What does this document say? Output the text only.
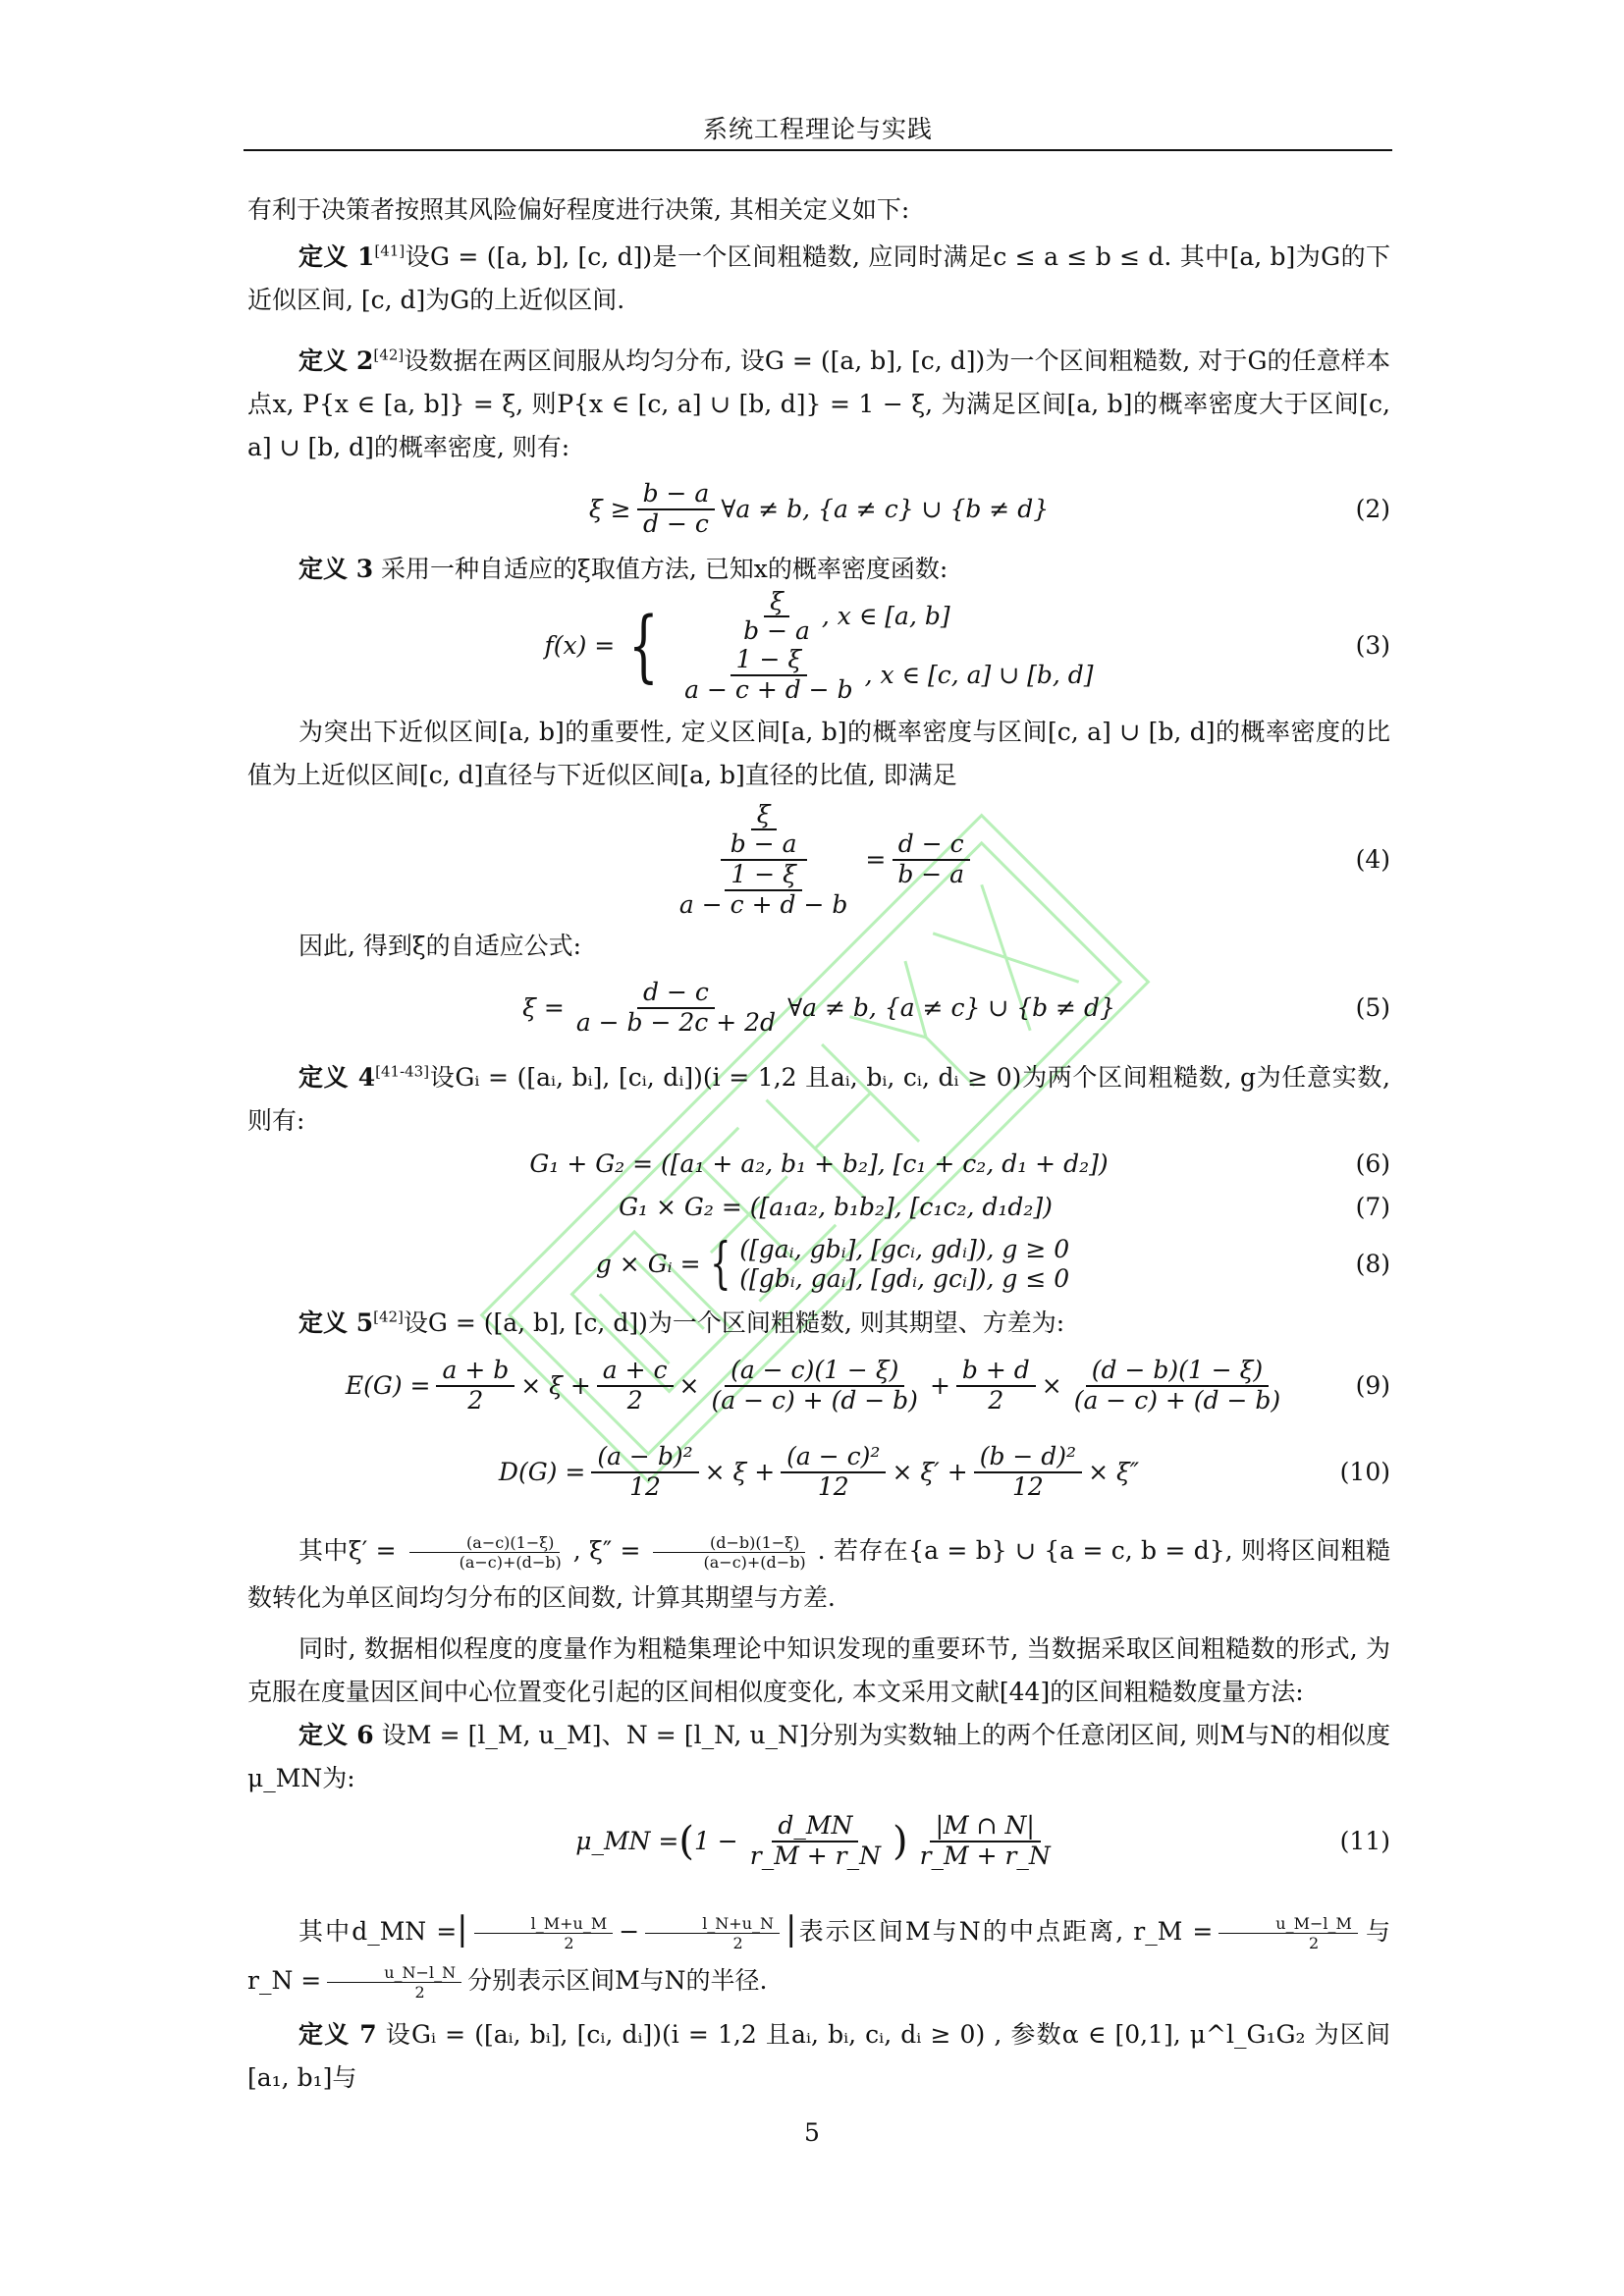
系统工程理论与实践

有利于决策者按照其风险偏好程度进行决策, 其相关定义如下:

定义 1[41]设G = ([a, b], [c, d])是一个区间粗糙数, 应同时满足c ≤ a ≤ b ≤ d. 其中[a, b]为G的下近似区间, [c, d]为G的上近似区间.

定义 2[42]设数据在两区间服从均匀分布, 设G = ([a, b], [c, d])为一个区间粗糙数, 对于G的任意样本点x, P{x ∈ [a, b]} = ξ, 则P{x ∈ [c, a] ∪ [b, d]} = 1 − ξ, 为满足区间[a, b]的概率密度大于区间[c, a] ∪ [b, d]的概率密度, 则有:

$\xi \ge \frac{b - a}{d - c}$ ∀a ≠ b, {a ≠ c} ∪ {b ≠ d}	(2)

定义 3 采用一种自适应的ξ取值方法, 已知x的概率密度函数:

f(x) = {	$\frac{\xi}{b - a}$ , x ∈ [a, b]
$\frac{1 - \xi}{a - c + d - b}$ , x ∈ [c, a] ∪ [b, d]
(3)

为突出下近似区间[a, b]的重要性, 定义区间[a, b]的概率密度与区间[c, a] ∪ [b, d]的概率密度的比值为上近似区间[c, d]直径与下近似区间[a, b]直径的比值, 即满足

$\frac{\frac{\xi}{b - a}}{\frac{1 - \xi}{a - c + d - b}} = \frac{d - c}{b - a}$	(4)

因此, 得到ξ的自适应公式:

$\xi = \frac{d - c}{a - b - 2c + 2d}$ ∀a ≠ b, {a ≠ c} ∪ {b ≠ d}	(5)

定义 4[41-43]设Gᵢ = ([aᵢ, bᵢ], [cᵢ, dᵢ])(i = 1,2 且aᵢ, bᵢ, cᵢ, dᵢ ≥ 0)为两个区间粗糙数, g为任意实数, 则有:

G₁ + G₂ = ([a₁ + a₂, b₁ + b₂], [c₁ + c₂, d₁ + d₂])	(6)
G₁ × G₂ = ([a₁a₂, b₁b₂], [c₁c₂, d₁d₂])	(7)
g × Gᵢ = { ([gaᵢ, gbᵢ], [gcᵢ, gdᵢ]), g ≥ 0
([gbᵢ, gaᵢ], [gdᵢ, gcᵢ]), g ≤ 0
(8)

定义 5[42]设G = ([a, b], [c, d])为一个区间粗糙数, 则其期望、方差为:

$E(G) = \frac{a + b}{2} \times \xi + \frac{a + c}{2} \times \frac{(a - c)(1 - \xi)}{(a - c) + (d - b)} + \frac{b + d}{2} \times \frac{(d - b)(1 - \xi)}{(a - c) + (d - b)}$	(9)
$D(G) = \frac{\text{(a − b)²}}{12} \times \xi + \frac{\text{(a − c)²}}{12} \times \xi' + \frac{\text{(b − d)²}}{12} \times \xi''$	(10)

其中$\xi' = \frac{(a-c)(1-\xi)}{(a-c)+(d-b)}$ , $\xi'' = \frac{(d-b)(1-\xi)}{(a-c)+(d-b)}$ . 若存在{a = b} ∪ {a = c, b = d}, 则将区间粗糙数转化为单区间均匀分布的区间数, 计算其期望与方差.

同时, 数据相似程度的度量作为粗糙集理论中知识发现的重要环节, 当数据采取区间粗糙数的形式, 为克服在度量因区间中心位置变化引起的区间相似度变化, 本文采用文献[44]的区间粗糙数度量方法:

定义 6 设M = [l_M, u_M]、N = [l_N, u_N]分别为实数轴上的两个任意闭区间, 则M与N的相似度μ_MN为:

μ_MN = ( $1 - \frac{d\_MN}{r\_M + r\_N}$ ) $\frac{|M \cap N|}{r\_M + r\_N}$	(11)

其中d_MN =| $\frac{l\_M+u\_M}{2} - \frac{l\_N+u\_N}{2}$ |表示区间M与N的中点距离, r_M = $\frac{u\_M-l\_M}{2}$ 与r_N = $\frac{u\_N-l\_N}{2}$ 分别表示区间M与N的半径.

定义 7 设Gᵢ = ([aᵢ, bᵢ], [cᵢ, dᵢ])(i = 1,2 且aᵢ, bᵢ, cᵢ, dᵢ ≥ 0) , 参数α ∈ [0,1], μ^l_G₁G₂ 为区间[a₁, b₁]与

5
